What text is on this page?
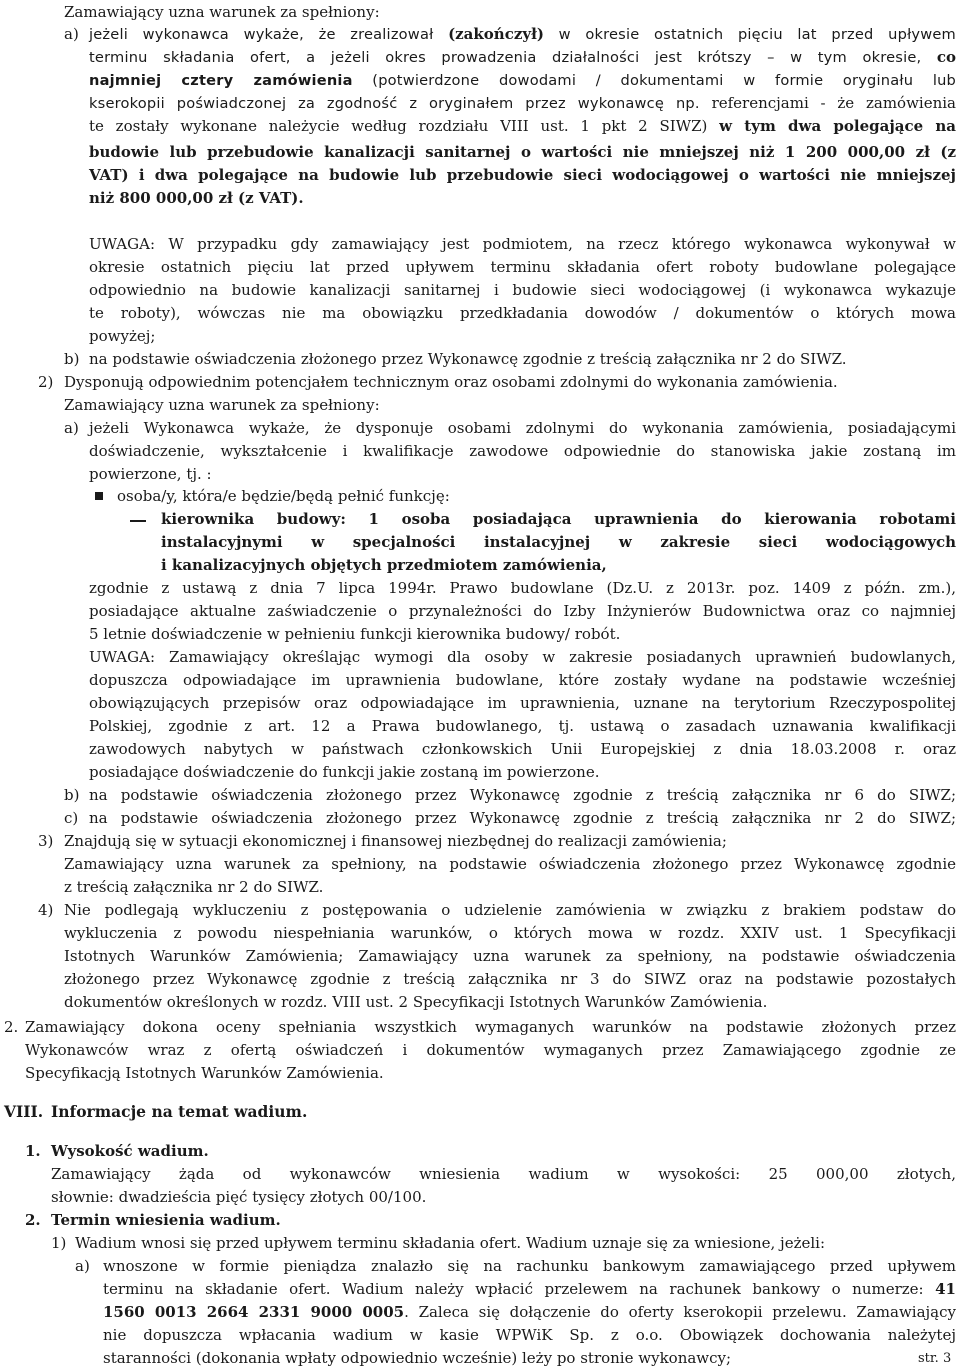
Zamawiający uzna warunek za spełniony:
a) jeżeli wykonawca wykaże, że zrealizował (zakończył) w okresie ostatnich pięciu lat przed upływem
terminu składania ofert, a jeżeli okres prowadzenia działalności jest krótszy – w tym okresie, co
najmniej cztery zamówienia (potwierdzone dowodami / dokumentami w formie oryginału lub
kserokopii poświadczonej za zgodność z oryginałem przez wykonawcę np. referencjami - że zamówienia
te zostały wykonane należycie według rozdziału VIII ust. 1 pkt 2 SIWZ) w tym dwa polegające na
budowie lub przebudowie kanalizacji sanitarnej o wartości nie mniejszej niż 1 200 000,00 zł (z
VAT) i dwa polegające na budowie lub przebudowie sieci wodociągowej o wartości nie mniejszej
niż 800 000,00 zł (z VAT).
UWAGA: W przypadku gdy zamawiający jest podmiotem, na rzecz którego wykonawca wykonywał w
okresie ostatnich pięciu lat przed upływem terminu składania ofert roboty budowlane polegające
odpowiednio na budowie kanalizacji sanitarnej i budowie sieci wodociągowej (i wykonawca wykazuje
te roboty), wówczas nie ma obowiązku przedkładania dowodów / dokumentów o których mowa
powyżej;
b) na podstawie oświadczenia złożonego przez Wykonawcę zgodnie z treścią załącznika nr 2 do SIWZ.
2) Dysponują odpowiednim potencjałem technicznym oraz osobami zdolnymi do wykonania zamówienia.
Zamawiający uzna warunek za spełniony:
a) jeżeli Wykonawca wykaże, że dysponuje osobami zdolnymi do wykonania zamówienia, posiadającymi
doświadczenie, wykształcenie i kwalifikacje zawodowe odpowiednie do stanowiska jakie zostaną im
powierzone, tj. :
osoba/y, która/e będzie/będą pełnić funkcję:
kierownika budowy: 1 osoba posiadająca uprawnienia do kierowania robotami
instalacyjnymi w specjalności instalacyjnej w zakresie sieci wodociągowych
i kanalizacyjnych objętych przedmiotem zamówienia,
zgodnie z ustawą z dnia 7 lipca 1994r. Prawo budowlane (Dz.U. z 2013r. poz. 1409 z późn. zm.),
posiadające aktualne zaświadczenie o przynależności do Izby Inżynierów Budownictwa oraz co najmniej
5 letnie doświadczenie w pełnieniu funkcji kierownika budowy/ robót.
UWAGA: Zamawiający określając wymogi dla osoby w zakresie posiadanych uprawnień budowlanych,
dopuszcza odpowiadające im uprawnienia budowlane, które zostały wydane na podstawie wcześniej
obowiązujących przepisów oraz odpowiadające im uprawnienia, uznane na terytorium Rzeczypospolitej
Polskiej, zgodnie z art. 12 a Prawa budowlanego, tj. ustawą o zasadach uznawania kwalifikacji
zawodowych nabytych w państwach członkowskich Unii Europejskiej z dnia 18.03.2008 r. oraz
posiadające doświadczenie do funkcji jakie zostaną im powierzone.
b) na podstawie oświadczenia złożonego przez Wykonawcę zgodnie z treścią załącznika nr 6 do SIWZ;
c) na podstawie oświadczenia złożonego przez Wykonawcę zgodnie z treścią załącznika nr 2 do SIWZ;
3) Znajdują się w sytuacji ekonomicznej i finansowej niezbędnej do realizacji zamówienia;
Zamawiający uzna warunek za spełniony, na podstawie oświadczenia złożonego przez Wykonawcę zgodnie
z treścią załącznika nr 2 do SIWZ.
4) Nie podlegają wykluczeniu z postępowania o udzielenie zamówienia w związku z brakiem podstaw do
wykluczenia z powodu niespełniania warunków, o których mowa w rozdz. XXIV ust. 1 Specyfikacji
Istotnych Warunków Zamówienia; Zamawiający uzna warunek za spełniony, na podstawie oświadczenia
złożonego przez Wykonawcę zgodnie z treścią załącznika nr 3 do SIWZ oraz na podstawie pozostałych
dokumentów określonych w rozdz. VIII ust. 2 Specyfikacji Istotnych Warunków Zamówienia.
2. Zamawiający dokona oceny spełniania wszystkich wymaganych warunków na podstawie złożonych przez
Wykonawców wraz z ofertą oświadczeń i dokumentów wymaganych przez Zamawiającego zgodnie ze
Specyfikacją Istotnych Warunków Zamówienia.
VIII. Informacje na temat wadium.
1. Wysokość wadium.
Zamawiający żąda od wykonawców wniesienia wadium w wysokości: 25 000,00 złotych,
słownie: dwadzieścia pięć tysięcy złotych 00/100.
2. Termin wniesienia wadium.
1) Wadium wnosi się przed upływem terminu składania ofert. Wadium uznaje się za wniesione, jeżeli:
a) wnoszone w formie pieniądza znalazło się na rachunku bankowym zamawiającego przed upływem
terminu na składanie ofert. Wadium należy wpłacić przelewem na rachunek bankowy o numerze: 41
1560 0013 2664 2331 9000 0005. Zaleca się dołączenie do oferty kserokopii przelewu. Zamawiający
nie dopuszcza wpłacania wadium w kasie WPWiK Sp. z o.o. Obowiązek dochowania należytej
staranności (dokonania wpłaty odpowiednio wcześnie) leży po stronie wykonawcy;	str. 3
